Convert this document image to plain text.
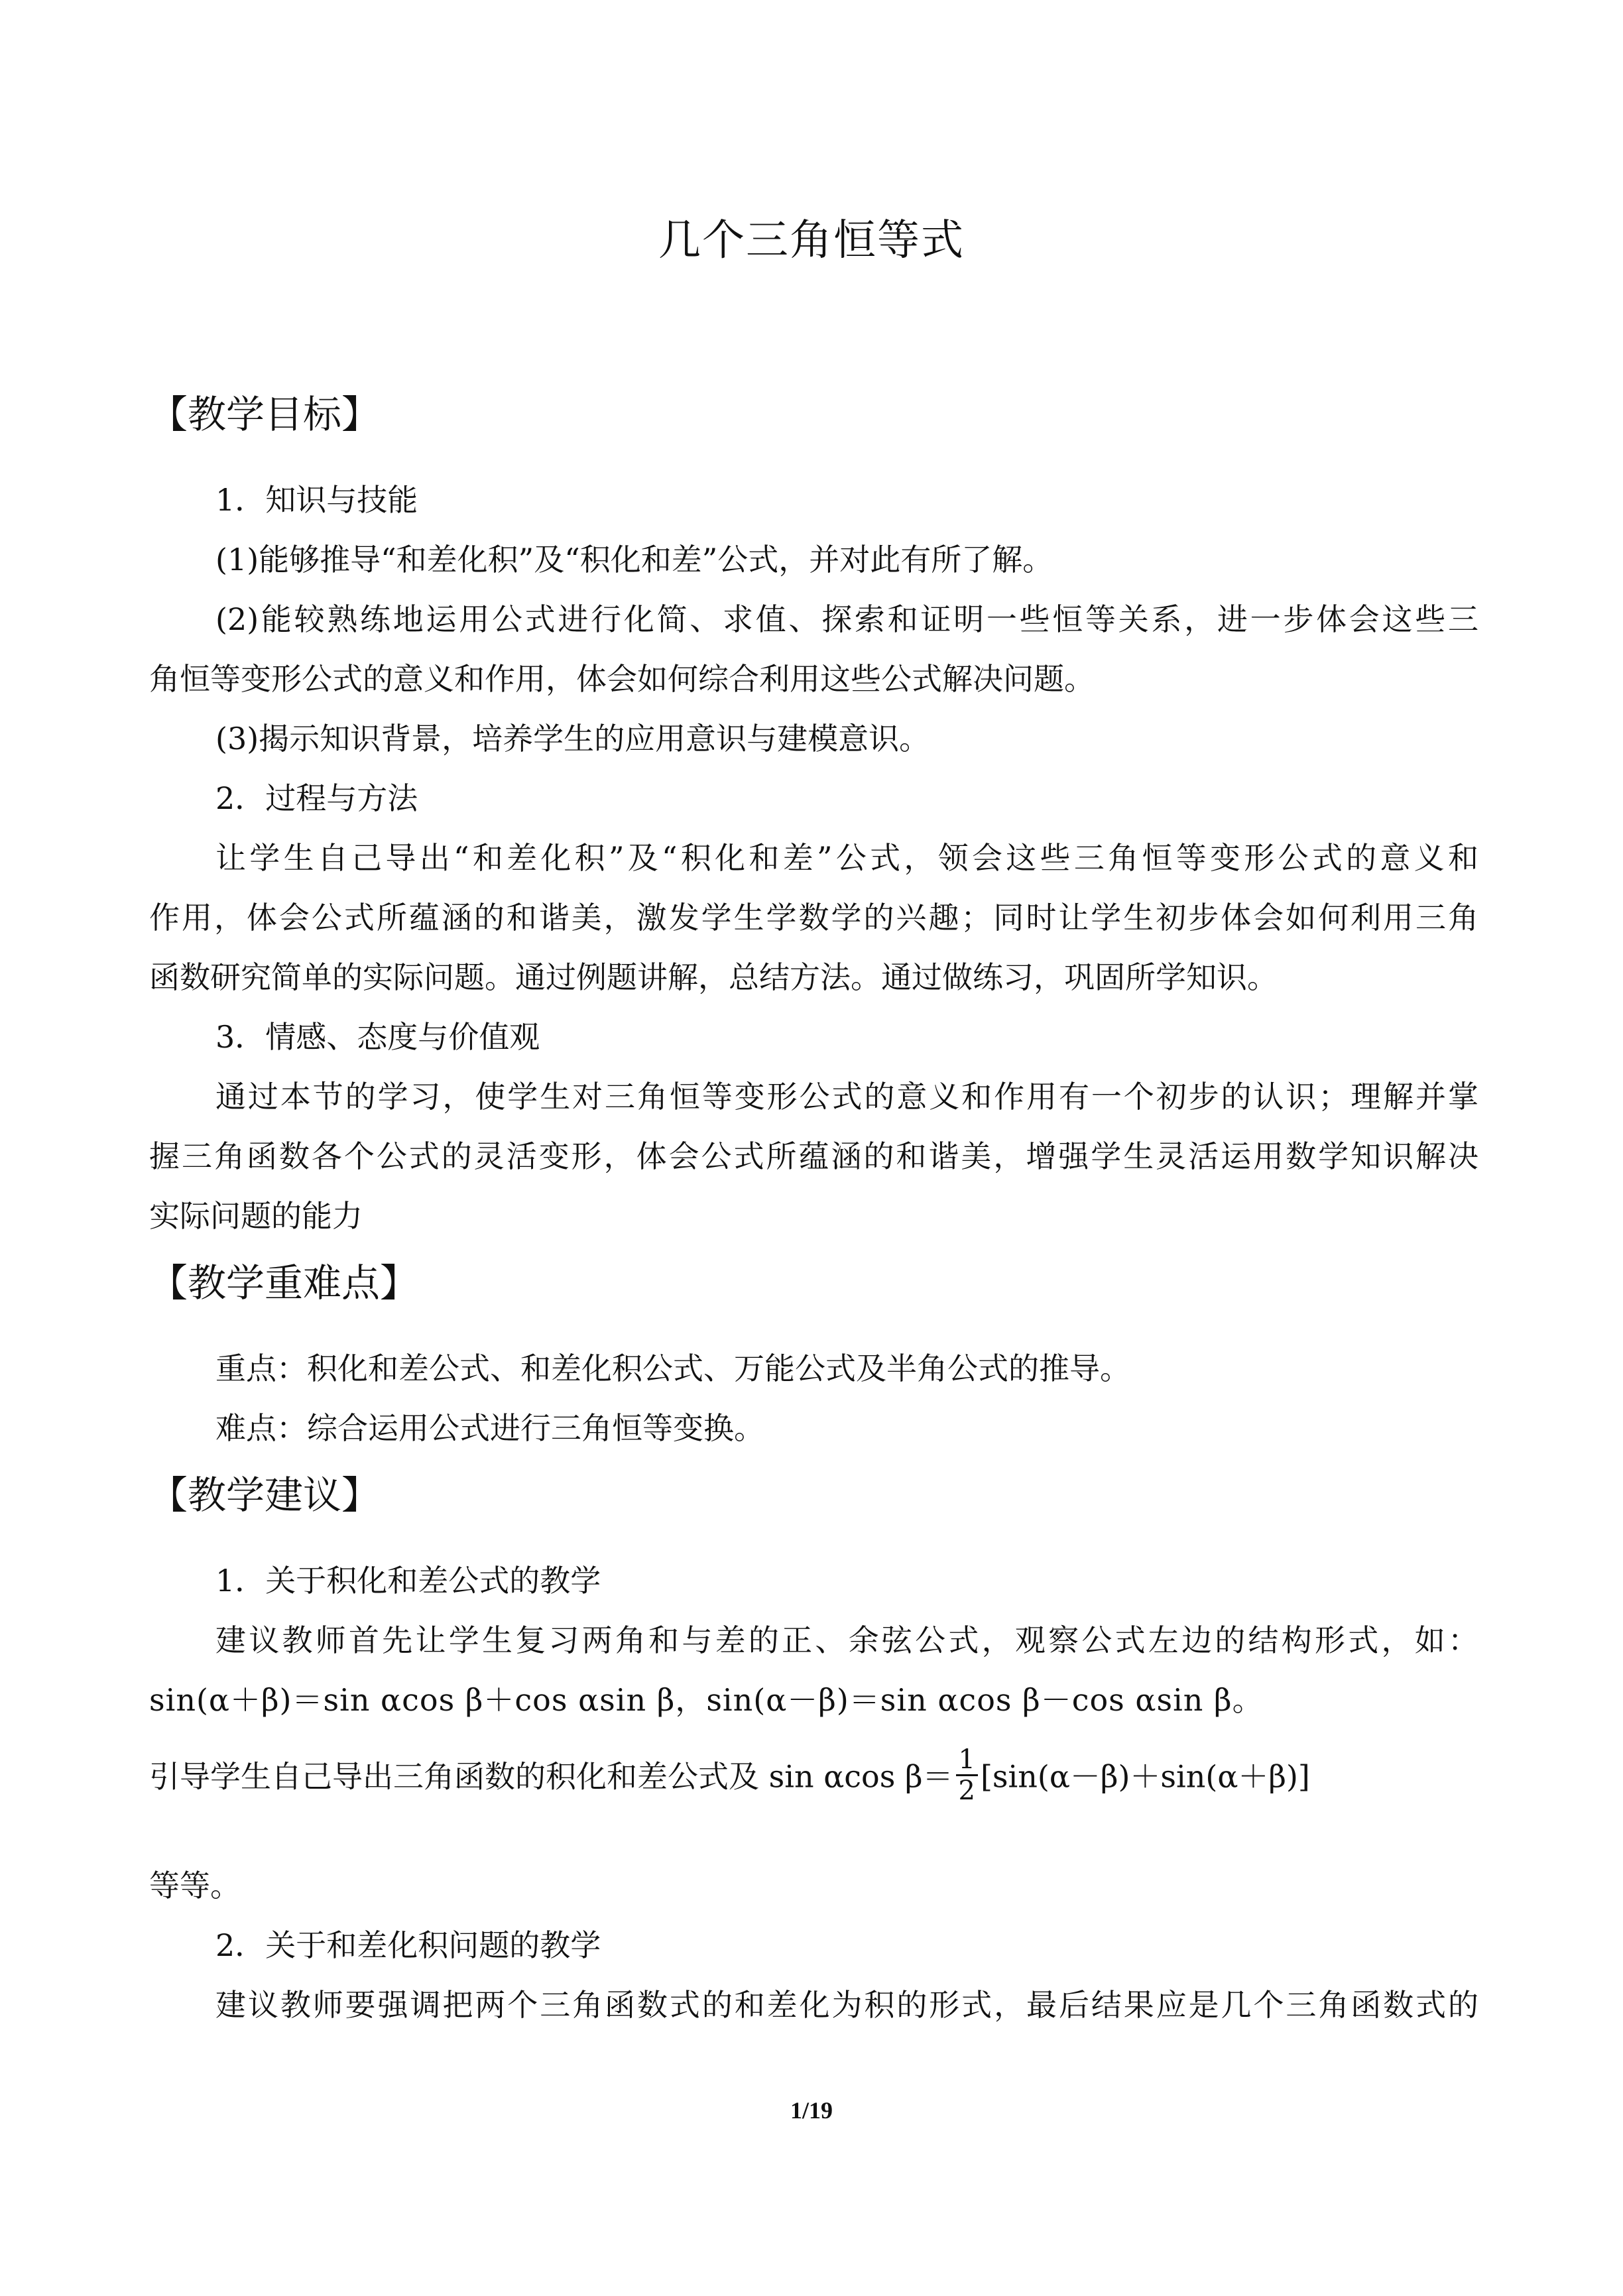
几个三角恒等式
【教学目标】
1．知识与技能
(1)能够推导“和差化积”及“积化和差”公式，并对此有所了解。
(2)能较熟练地运用公式进行化简、求值、探索和证明一些恒等关系，进一步体会这些三
角恒等变形公式的意义和作用，体会如何综合利用这些公式解决问题。
(3)揭示知识背景，培养学生的应用意识与建模意识。
2．过程与方法
让学生自己导出“和差化积”及“积化和差”公式，领会这些三角恒等变形公式的意义和
作用，体会公式所蕴涵的和谐美，激发学生学数学的兴趣；同时让学生初步体会如何利用三角
函数研究简单的实际问题。通过例题讲解，总结方法。通过做练习，巩固所学知识。
3．情感、态度与价值观
通过本节的学习，使学生对三角恒等变形公式的意义和作用有一个初步的认识；理解并掌
握三角函数各个公式的灵活变形，体会公式所蕴涵的和谐美，增强学生灵活运用数学知识解决
实际问题的能力
【教学重难点】
重点：积化和差公式、和差化积公式、万能公式及半角公式的推导。
难点：综合运用公式进行三角恒等变换。
【教学建议】
1．关于积化和差公式的教学
建议教师首先让学生复习两角和与差的正、余弦公式，观察公式左边的结构形式，如：
sin(α＋β)＝sin αcos β＋cos αsin β，sin(α－β)＝sin αcos β－cos αsin β。
引导学生自己导出三角函数的积化和差公式及 sin αcos $\beta= \frac{1}{2} [\sin(\alpha-\beta)+\sin(\alpha+\beta)]$
等等。
2．关于和差化积问题的教学
建议教师要强调把两个三角函数式的和差化为积的形式，最后结果应是几个三角函数式的
1/19
